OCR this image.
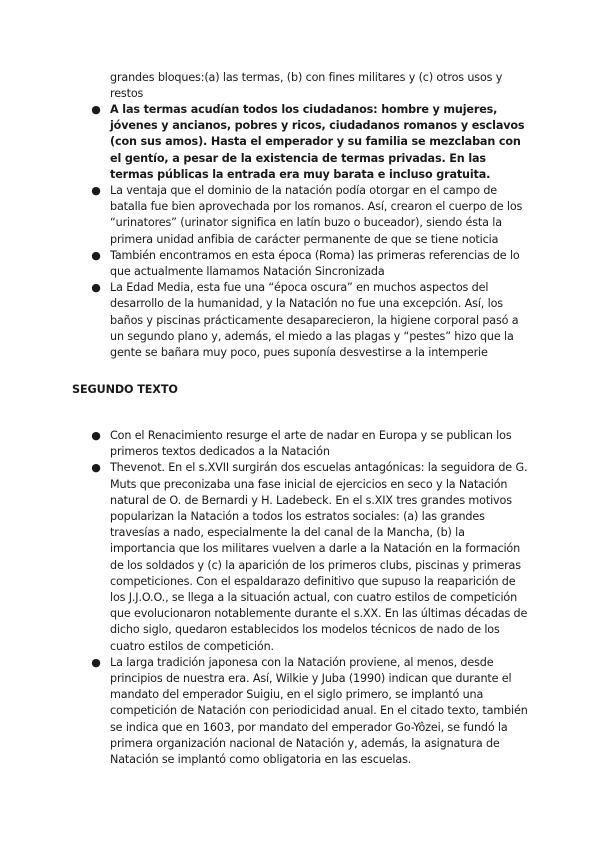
grandes bloques:(a) las termas, (b) con fines militares y (c) otros usos y restos
● A las termas acudían todos los ciudadanos: hombre y mujeres, jóvenes y ancianos, pobres y ricos, ciudadanos romanos y esclavos (con sus amos). Hasta el emperador y su familia se mezclaban con el gentío, a pesar de la existencia de termas privadas. En las termas públicas la entrada era muy barata e incluso gratuita.
● La ventaja que el dominio de la natación podía otorgar en el campo de batalla fue bien aprovechada por los romanos. Así, crearon el cuerpo de los “urinatores” (urinator significa en latín buzo o buceador), siendo ésta la primera unidad anfibia de carácter permanente de que se tiene noticia
● También encontramos en esta época (Roma) las primeras referencias de lo que actualmente llamamos Natación Sincronizada
● La Edad Media, esta fue una “época oscura” en muchos aspectos del desarrollo de la humanidad, y la Natación no fue una excepción. Así, los baños y piscinas prácticamente desaparecieron, la higiene corporal pasó a un segundo plano y, además, el miedo a las plagas y “pestes” hizo que la gente se bañara muy poco, pues suponía desvestirse a la intemperie
SEGUNDO TEXTO
● Con el Renacimiento resurge el arte de nadar en Europa y se publican los primeros textos dedicados a la Natación
● Thevenot. En el s.XVII surgirán dos escuelas antagónicas: la seguidora de G. Muts que preconizaba una fase inicial de ejercicios en seco y la Natación natural de O. de Bernardi y H. Ladebeck. En el s.XIX tres grandes motivos popularizan la Natación a todos los estratos sociales: (a) las grandes travesías a nado, especialmente la del canal de la Mancha, (b) la importancia que los militares vuelven a darle a la Natación en la formación de los soldados y (c) la aparición de los primeros clubs, piscinas y primeras competiciones. Con el espaldarazo definitivo que supuso la reaparición de los J.J.O.O., se llega a la situación actual, con cuatro estilos de competición que evolucionaron notablemente durante el s.XX. En las últimas décadas de dicho siglo, quedaron establecidos los modelos técnicos de nado de los cuatro estilos de competición.
● La larga tradición japonesa con la Natación proviene, al menos, desde principios de nuestra era. Así, Wilkie y Juba (1990) indican que durante el mandato del emperador Suigiu, en el siglo primero, se implantó una competición de Natación con periodicidad anual. En el citado texto, también se indica que en 1603, por mandato del emperador Go-Yôzei, se fundó la primera organización nacional de Natación y, además, la asignatura de Natación se implantó como obligatoria en las escuelas.
